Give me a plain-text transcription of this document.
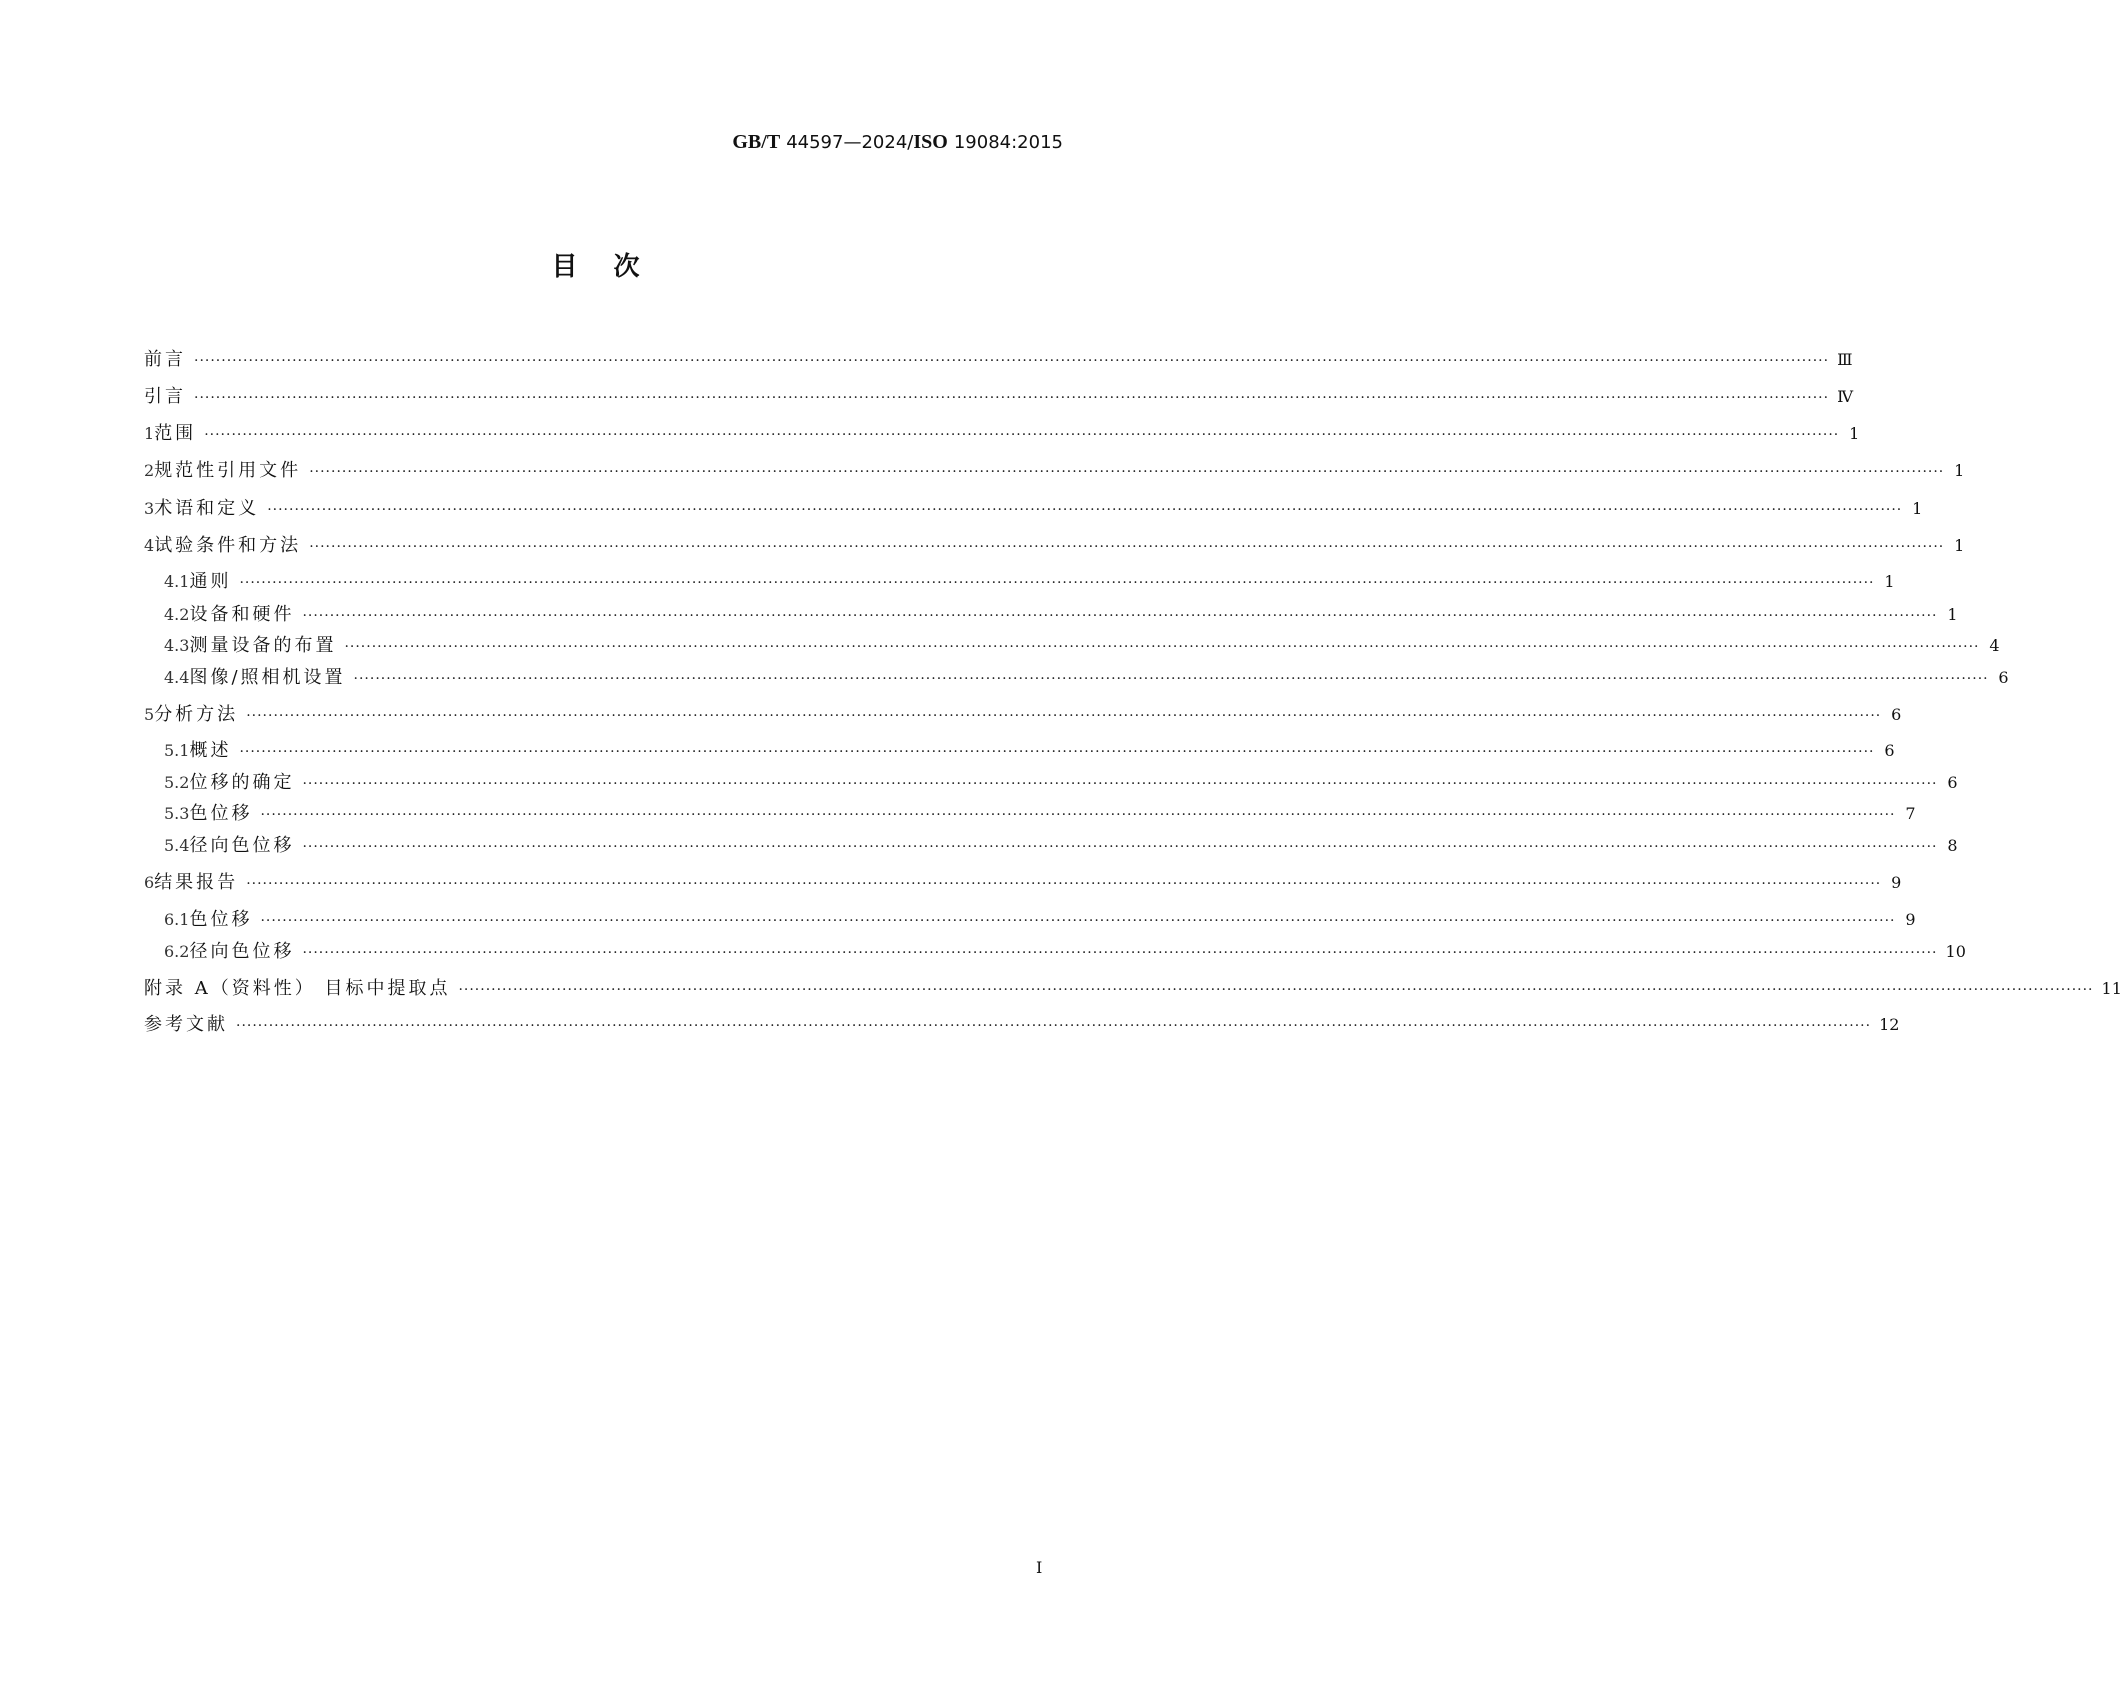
GB/T 44597—2024/ISO 19084:2015
目次
前言 ············································································································································································································································································································ Ⅲ
引言 ············································································································································································································································································································ Ⅳ
1 范围 ············································································································································································································································································································ 1
2 规范性引用文件 ············································································································································································································································································································ 1
3 术语和定义 ············································································································································································································································································································ 1
4 试验条件和方法 ············································································································································································································································································································ 1
4.1 通则 ············································································································································································································································································································ 1
4.2 设备和硬件 ············································································································································································································································································································ 1
4.3 测量设备的布置 ············································································································································································································································································································ 4
4.4 图像/照相机设置 ············································································································································································································································································································ 6
5 分析方法 ············································································································································································································································································································ 6
5.1 概述 ············································································································································································································································································································ 6
5.2 位移的确定 ············································································································································································································································································································ 6
5.3 色位移 ············································································································································································································································································································ 7
5.4 径向色位移 ············································································································································································································································································································ 8
6 结果报告 ············································································································································································································································································································ 9
6.1 色位移 ············································································································································································································································································································ 9
6.2 径向色位移 ············································································································································································································································································································ 10
附录 A（资料性） 目标中提取点 ············································································································································································································································································································ 11
参考文献 ············································································································································································································································································································ 12
I
